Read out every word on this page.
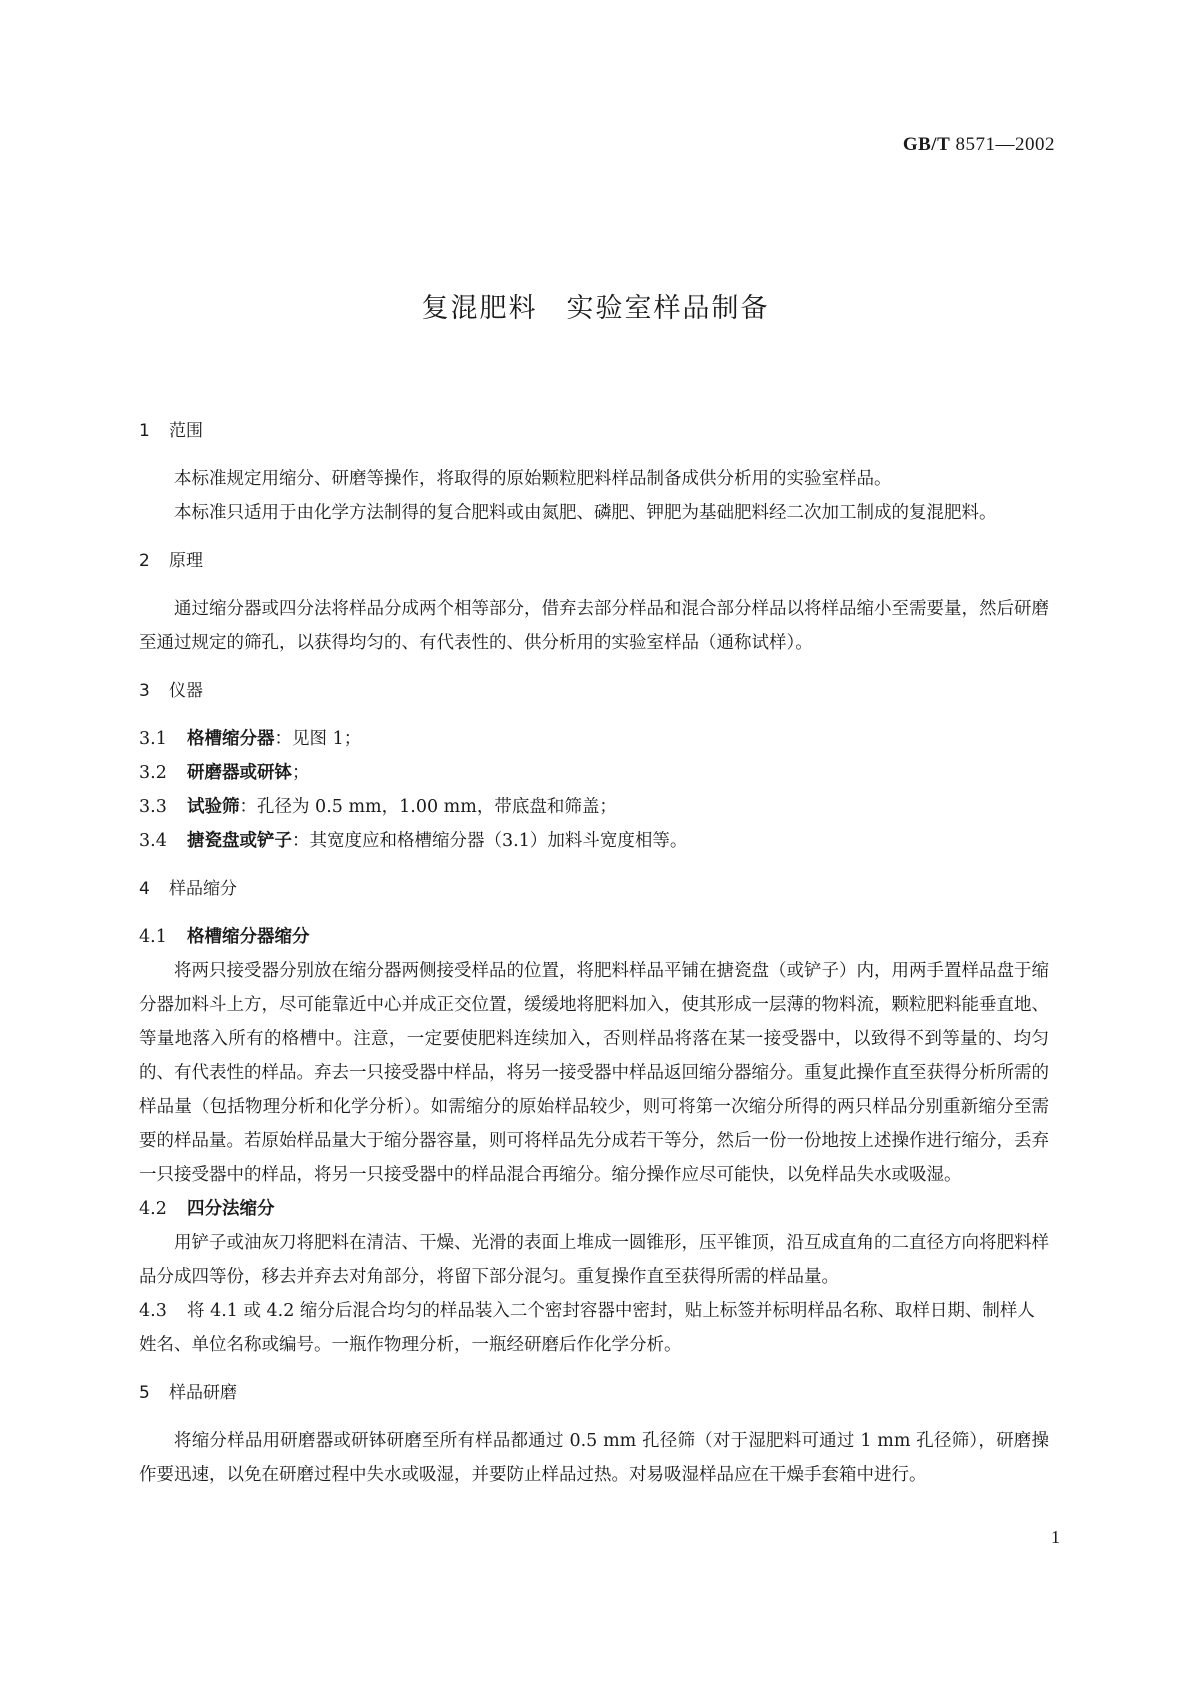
GB/T 8571—2002
复混肥料　实验室样品制备
1 范围
本标准规定用缩分、研磨等操作，将取得的原始颗粒肥料样品制备成供分析用的实验室样品。
本标准只适用于由化学方法制得的复合肥料或由氮肥、磷肥、钾肥为基础肥料经二次加工制成的复混肥料。
2 原理
通过缩分器或四分法将样品分成两个相等部分，借弃去部分样品和混合部分样品以将样品缩小至需要量，然后研磨至通过规定的筛孔，以获得均匀的、有代表性的、供分析用的实验室样品（通称试样）。
3 仪器
3.1 格槽缩分器：见图 1；
3.2 研磨器或研钵；
3.3 试验筛：孔径为 0.5 mm，1.00 mm，带底盘和筛盖；
3.4 搪瓷盘或铲子：其宽度应和格槽缩分器（3.1）加料斗宽度相等。
4 样品缩分
4.1 格槽缩分器缩分
将两只接受器分别放在缩分器两侧接受样品的位置，将肥料样品平铺在搪瓷盘（或铲子）内，用两手置样品盘于缩分器加料斗上方，尽可能靠近中心并成正交位置，缓缓地将肥料加入，使其形成一层薄的物料流，颗粒肥料能垂直地、等量地落入所有的格槽中。注意，一定要使肥料连续加入，否则样品将落在某一接受器中，以致得不到等量的、均匀的、有代表性的样品。弃去一只接受器中样品，将另一接受器中样品返回缩分器缩分。重复此操作直至获得分析所需的样品量（包括物理分析和化学分析）。如需缩分的原始样品较少，则可将第一次缩分所得的两只样品分别重新缩分至需要的样品量。若原始样品量大于缩分器容量，则可将样品先分成若干等分，然后一份一份地按上述操作进行缩分，丢弃一只接受器中的样品，将另一只接受器中的样品混合再缩分。缩分操作应尽可能快，以免样品失水或吸湿。
4.2 四分法缩分
用铲子或油灰刀将肥料在清洁、干燥、光滑的表面上堆成一圆锥形，压平锥顶，沿互成直角的二直径方向将肥料样品分成四等份，移去并弃去对角部分，将留下部分混匀。重复操作直至获得所需的样品量。
4.3 将 4.1 或 4.2 缩分后混合均匀的样品装入二个密封容器中密封，贴上标签并标明样品名称、取样日期、制样人姓名、单位名称或编号。一瓶作物理分析，一瓶经研磨后作化学分析。
5 样品研磨
将缩分样品用研磨器或研钵研磨至所有样品都通过 0.5 mm 孔径筛（对于湿肥料可通过 1 mm 孔径筛），研磨操作要迅速，以免在研磨过程中失水或吸湿，并要防止样品过热。对易吸湿样品应在干燥手套箱中进行。
1
